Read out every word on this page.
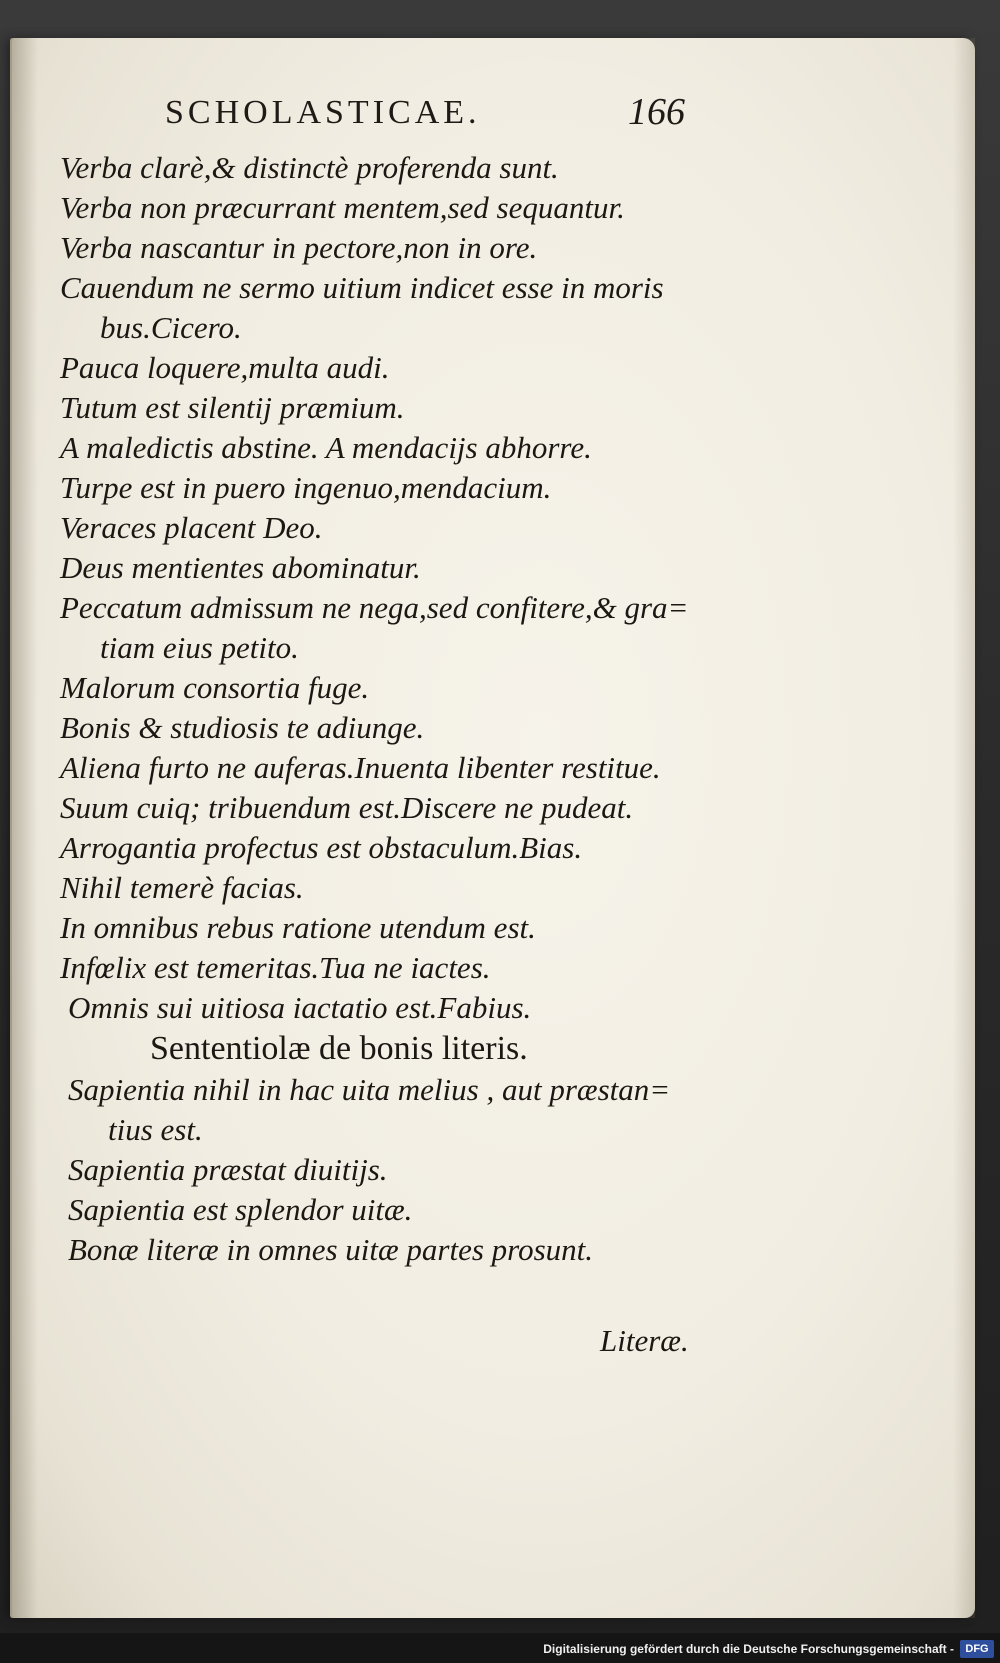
SCHOLASTICAE.	166
Verba clarè,& distinctè proferenda sunt.
Verba non præcurrant mentem,sed sequantur.
Verba nascantur in pectore,non in ore.
Cauendum ne sermo uitium indicet esse in moris
bus.Cicero.
Pauca loquere,multa audi.
Tutum est silentij præmium.
A maledictis abstine. A mendacijs abhorre.
Turpe est in puero ingenuo,mendacium.
Veraces placent Deo.
Deus mentientes abominatur.
Peccatum admissum ne nega,sed confitere,& gra=
tiam eius petito.
Malorum consortia fuge.
Bonis & studiosis te adiunge.
Aliena furto ne auferas.Inuenta libenter restitue.
Suum cuiq; tribuendum est.Discere ne pudeat.
Arrogantia profectus est obstaculum.Bias.
Nihil temerè facias.
In omnibus rebus ratione utendum est.
Infœlix est temeritas.Tua ne iactes.
Omnis sui uitiosa iactatio est.Fabius.
Sententiolæ de bonis literis.
Sapientia nihil in hac uita melius , aut præstan=
tius est.
Sapientia præstat diuitijs.
Sapientia est splendor uitæ.
Bonæ literæ in omnes uitæ partes prosunt.
Literæ.
Digitalisierung gefördert durch die Deutsche Forschungsgemeinschaft -	DFG
